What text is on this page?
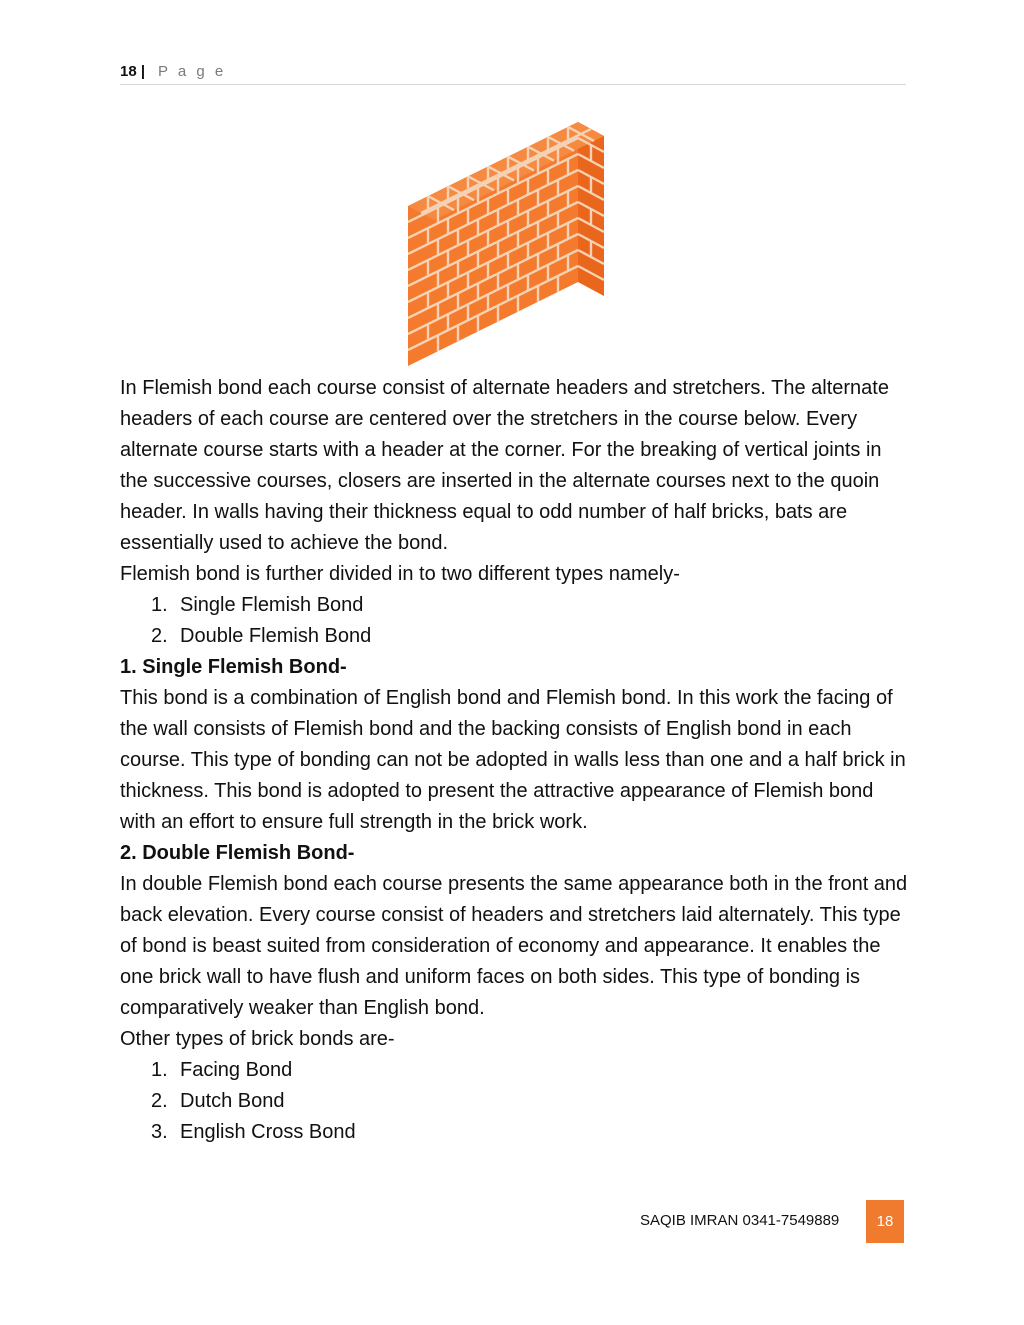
18 | P a g e

In Flemish bond each course consist of alternate headers and stretchers. The alternate headers of each course are centered over the stretchers in the course below. Every alternate course starts with a header at the corner. For the breaking of vertical joints in the successive courses, closers are inserted in the alternate courses next to the quoin header. In walls having their thickness equal to odd number of half bricks, bats are essentially used to achieve the bond.

Flemish bond is further divided in to two different types namely-

1. Single Flemish Bond
2. Double Flemish Bond

1. Single Flemish Bond-

This bond is a combination of English bond and Flemish bond. In this work the facing of the wall consists of Flemish bond and the backing consists of English bond in each course. This type of bonding can not be adopted in walls less than one and a half brick in thickness. This bond is adopted to present the attractive appearance of Flemish bond with an effort to ensure full strength in the brick work.

2. Double Flemish Bond-

In double Flemish bond each course presents the same appearance both in the front and back elevation. Every course consist of headers and stretchers laid alternately. This type of bond is beast suited from consideration of economy and appearance. It enables the one brick wall to have flush and uniform faces on both sides. This type of bonding is comparatively weaker than English bond.

Other types of brick bonds are-

1. Facing Bond
2. Dutch Bond
3. English Cross Bond
SAQIB IMRAN 0341-7549889	18
